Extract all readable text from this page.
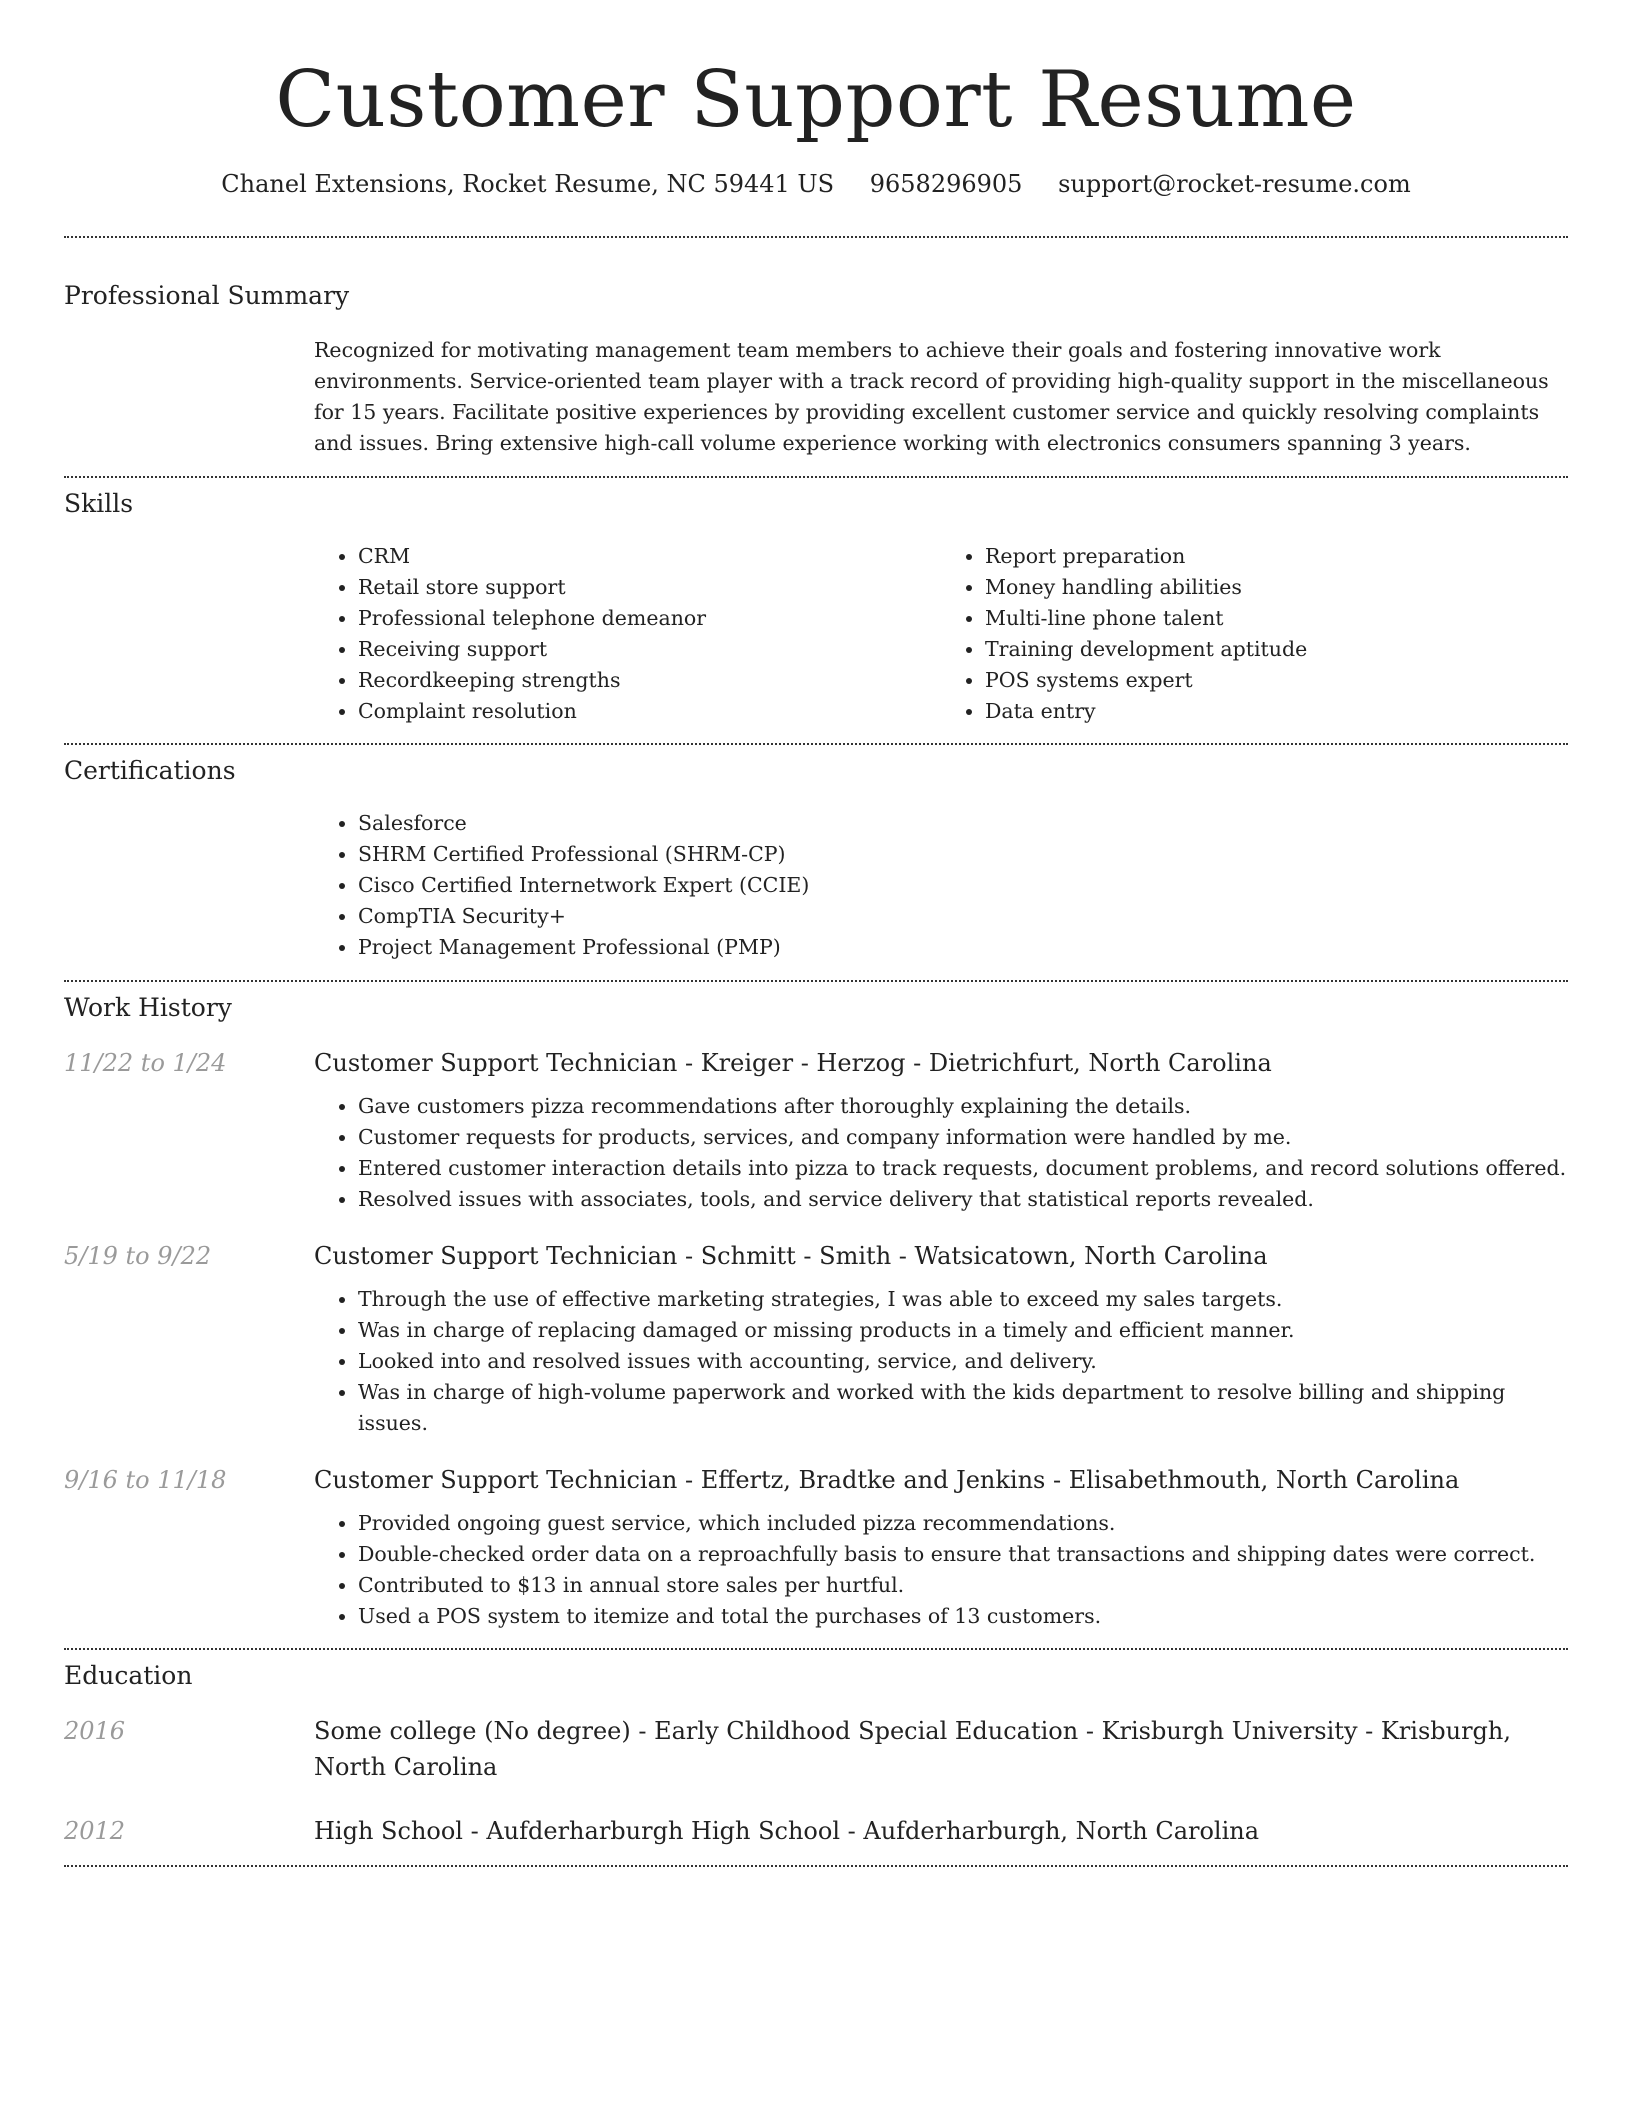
Customer Support Resume
Chanel Extensions, Rocket Resume, NC 59441 US 9658296905 support@rocket-resume.com
Professional Summary

Recognized for motivating management team members to achieve their goals and fostering innovative work environments. Service-oriented team player with a track record of providing high-quality support in the miscellaneous for 15 years. Facilitate positive experiences by providing excellent customer service and quickly resolving complaints and issues. Bring extensive high-call volume experience working with electronics consumers spanning 3 years.

Skills
• CRM
• Retail store support
• Professional telephone demeanor
• Receiving support
• Recordkeeping strengths
• Complaint resolution
• Report preparation
• Money handling abilities
• Multi-line phone talent
• Training development aptitude
• POS systems expert
• Data entry
Certifications
• Salesforce
• SHRM Certified Professional (SHRM-CP)
• Cisco Certified Internetwork Expert (CCIE)
• CompTIA Security+
• Project Management Professional (PMP)
Work History
11/22 to 1/24	Customer Support Technician - Kreiger - Herzog - Dietrichfurt, North Carolina
• Gave customers pizza recommendations after thoroughly explaining the details.
• Customer requests for products, services, and company information were handled by me.
• Entered customer interaction details into pizza to track requests, document problems, and record solutions offered.
• Resolved issues with associates, tools, and service delivery that statistical reports revealed.
5/19 to 9/22	Customer Support Technician - Schmitt - Smith - Watsicatown, North Carolina
• Through the use of effective marketing strategies, I was able to exceed my sales targets.
• Was in charge of replacing damaged or missing products in a timely and efficient manner.
• Looked into and resolved issues with accounting, service, and delivery.
• Was in charge of high-volume paperwork and worked with the kids department to resolve billing and shipping issues.
9/16 to 11/18	Customer Support Technician - Effertz, Bradtke and Jenkins - Elisabethmouth, North Carolina
• Provided ongoing guest service, which included pizza recommendations.
• Double-checked order data on a reproachfully basis to ensure that transactions and shipping dates were correct.
• Contributed to $13 in annual store sales per hurtful.
• Used a POS system to itemize and total the purchases of 13 customers.
Education
2016	Some college (No degree) - Early Childhood Special Education - Krisburgh University - Krisburgh, North Carolina
2012	High School - Aufderharburgh High School - Aufderharburgh, North Carolina
